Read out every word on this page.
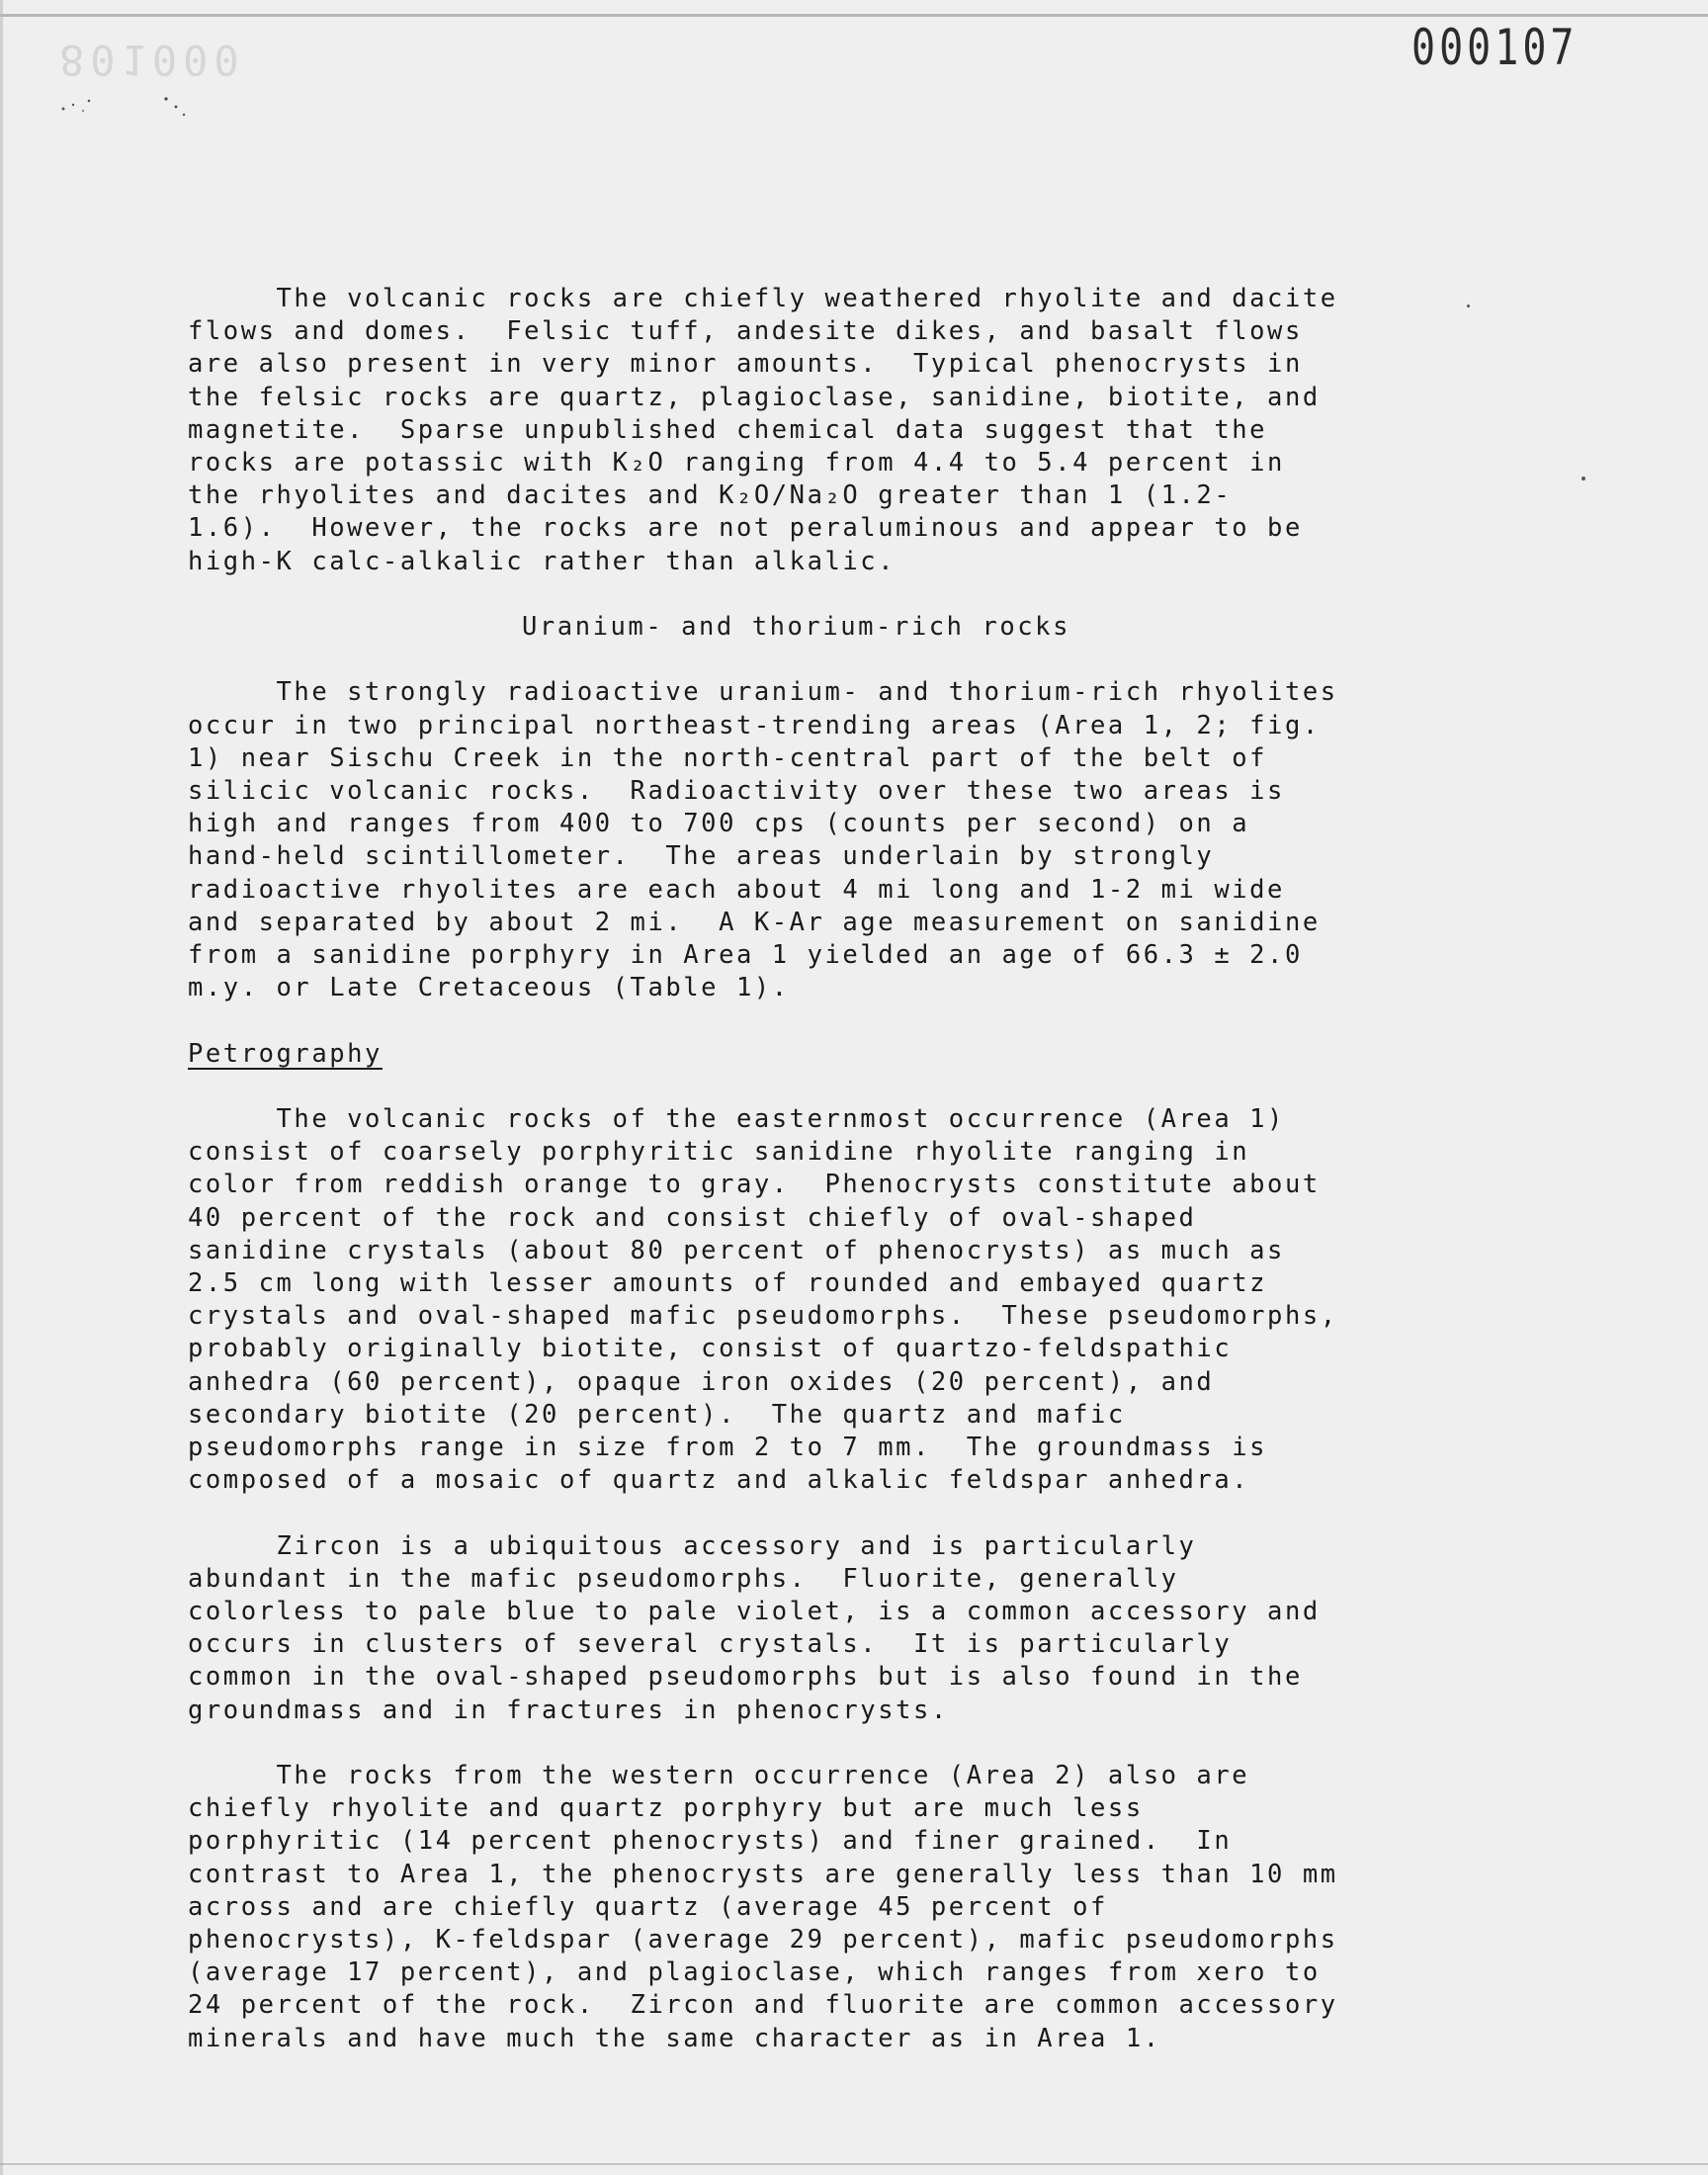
000107
801000

The volcanic rocks are chiefly weathered rhyolite and dacite
flows and domes.  Felsic tuff, andesite dikes, and basalt flows
are also present in very minor amounts.  Typical phenocrysts in
the felsic rocks are quartz, plagioclase, sanidine, biotite, and
magnetite.  Sparse unpublished chemical data suggest that the
rocks are potassic with K₂O ranging from 4.4 to 5.4 percent in
the rhyolites and dacites and K₂O/Na₂O greater than 1 (1.2-
1.6).  However, the rocks are not peraluminous and appear to be
high-K calc-alkalic rather than alkalic.

Uranium- and thorium-rich rocks

The strongly radioactive uranium- and thorium-rich rhyolites
occur in two principal northeast-trending areas (Area 1, 2; fig.
1) near Sischu Creek in the north-central part of the belt of
silicic volcanic rocks.  Radioactivity over these two areas is
high and ranges from 400 to 700 cps (counts per second) on a
hand-held scintillometer.  The areas underlain by strongly
radioactive rhyolites are each about 4 mi long and 1-2 mi wide
and separated by about 2 mi.  A K-Ar age measurement on sanidine
from a sanidine porphyry in Area 1 yielded an age of 66.3 ± 2.0
m.y. or Late Cretaceous (Table 1).

Petrography

The volcanic rocks of the easternmost occurrence (Area 1)
consist of coarsely porphyritic sanidine rhyolite ranging in
color from reddish orange to gray.  Phenocrysts constitute about
40 percent of the rock and consist chiefly of oval-shaped
sanidine crystals (about 80 percent of phenocrysts) as much as
2.5 cm long with lesser amounts of rounded and embayed quartz
crystals and oval-shaped mafic pseudomorphs.  These pseudomorphs,
probably originally biotite, consist of quartzo-feldspathic
anhedra (60 percent), opaque iron oxides (20 percent), and
secondary biotite (20 percent).  The quartz and mafic
pseudomorphs range in size from 2 to 7 mm.  The groundmass is
composed of a mosaic of quartz and alkalic feldspar anhedra.

Zircon is a ubiquitous accessory and is particularly
abundant in the mafic pseudomorphs.  Fluorite, generally
colorless to pale blue to pale violet, is a common accessory and
occurs in clusters of several crystals.  It is particularly
common in the oval-shaped pseudomorphs but is also found in the
groundmass and in fractures in phenocrysts.

The rocks from the western occurrence (Area 2) also are
chiefly rhyolite and quartz porphyry but are much less
porphyritic (14 percent phenocrysts) and finer grained.  In
contrast to Area 1, the phenocrysts are generally less than 10 mm
across and are chiefly quartz (average 45 percent of
phenocrysts), K-feldspar (average 29 percent), mafic pseudomorphs
(average 17 percent), and plagioclase, which ranges from xero to
24 percent of the rock.  Zircon and fluorite are common accessory
minerals and have much the same character as in Area 1.
